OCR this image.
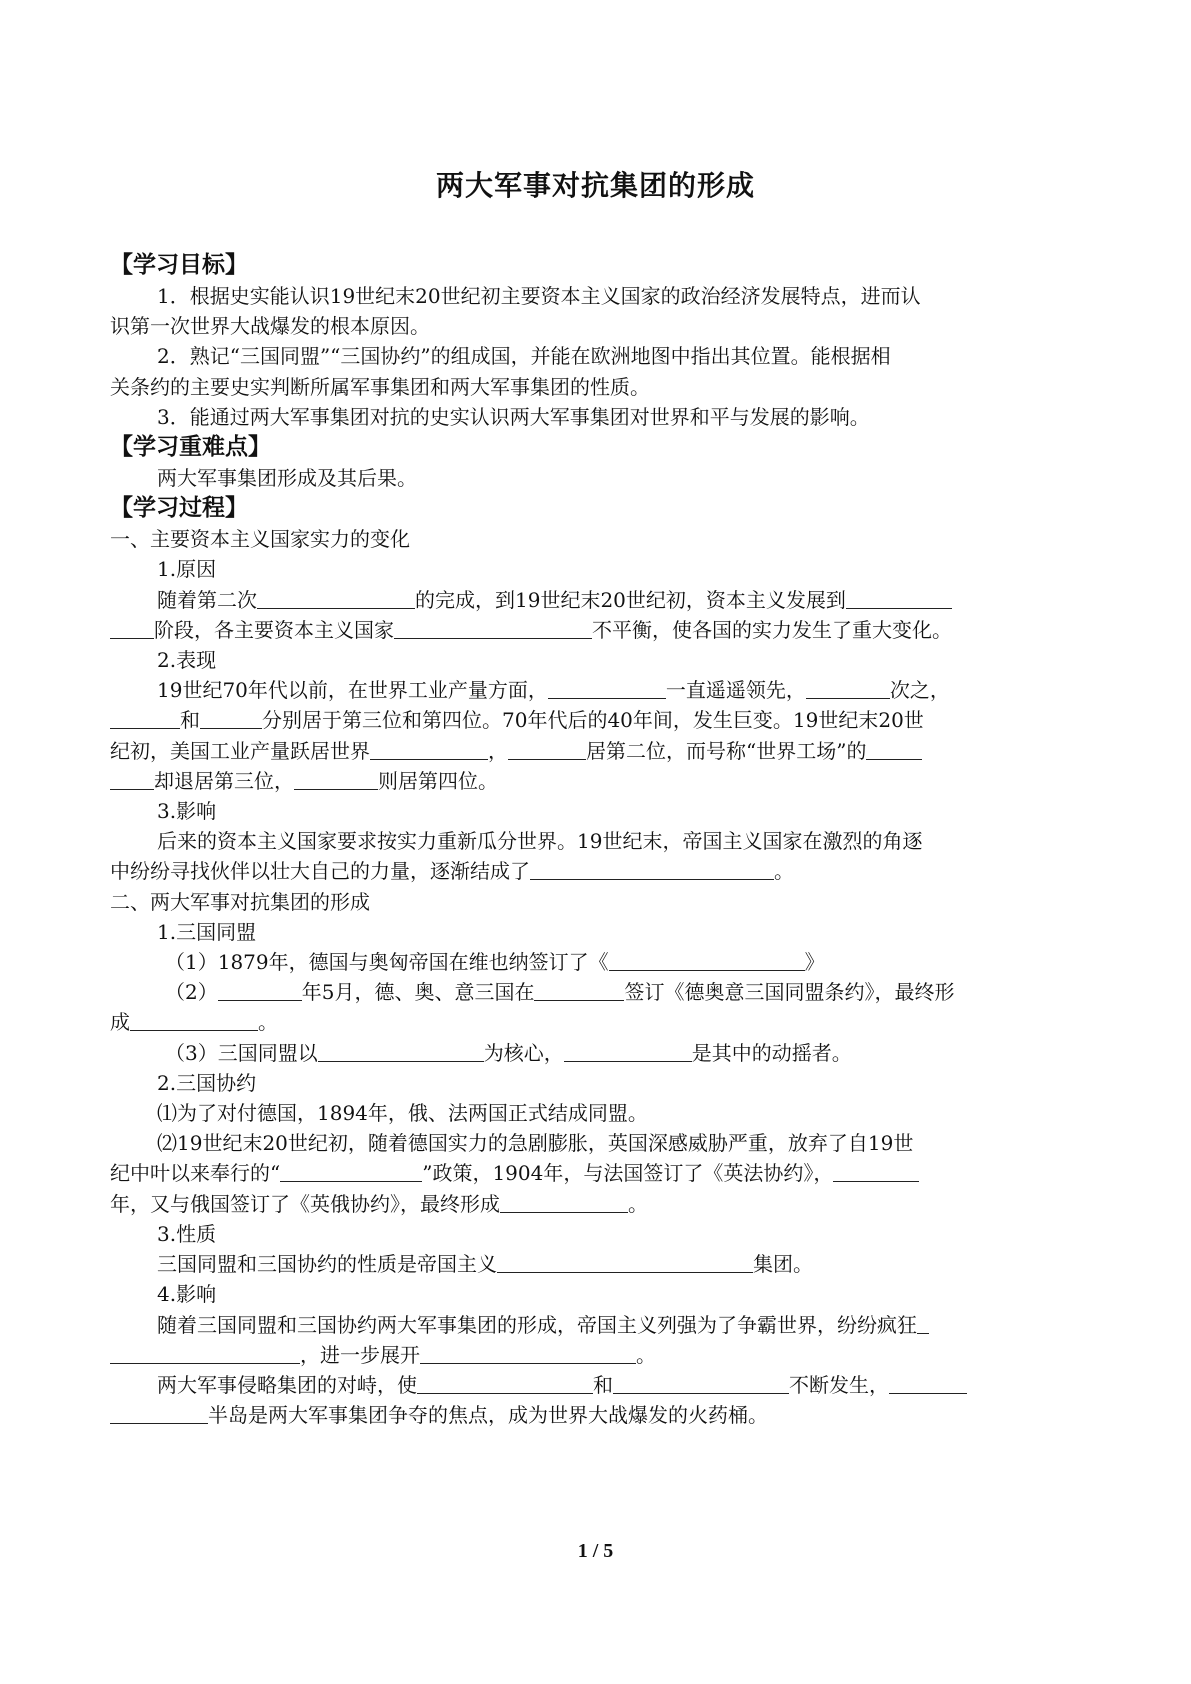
两大军事对抗集团的形成

【学习目标】

1．根据史实能认识19世纪末20世纪初主要资本主义国家的政治经济发展特点，进而认

识第一次世界大战爆发的根本原因。

2．熟记“三国同盟”“三国协约”的组成国，并能在欧洲地图中指出其位置。能根据相

关条约的主要史实判断所属军事集团和两大军事集团的性质。

3．能通过两大军事集团对抗的史实认识两大军事集团对世界和平与发展的影响。

【学习重难点】

两大军事集团形成及其后果。

【学习过程】

一、主要资本主义国家实力的变化

1.原因

随着第二次	的完成，到19世纪末20世纪初，资本主义发展到

阶段，各主要资本主义国家	不平衡，使各国的实力发生了重大变化。

2.表现

19世纪70年代以前，在世界工业产量方面，	一直遥遥领先，	次之，

和	分别居于第三位和第四位。70年代后的40年间，发生巨变。19世纪末20世

纪初，美国工业产量跃居世界	，	居第二位，而号称“世界工场”的

却退居第三位，	则居第四位。

3.影响

后来的资本主义国家要求按实力重新瓜分世界。19世纪末，帝国主义国家在激烈的角逐

中纷纷寻找伙伴以壮大自己的力量，逐渐结成了	。

二、两大军事对抗集团的形成

1.三国同盟

（1）1879年，德国与奥匈帝国在维也纳签订了《	》

（2）	年5月，德、奥、意三国在	签订《德奥意三国同盟条约》，最终形

成	。

（3）三国同盟以	为核心，	是其中的动摇者。

2.三国协约

⑴为了对付德国，1894年，俄、法两国正式结成同盟。

⑵19世纪末20世纪初，随着德国实力的急剧膨胀，英国深感威胁严重，放弃了自19世

纪中叶以来奉行的“	”政策，1904年，与法国签订了《英法协约》，

年，又与俄国签订了《英俄协约》，最终形成	。

3.性质

三国同盟和三国协约的性质是帝国主义	集团。

4.影响

随着三国同盟和三国协约两大军事集团的形成，帝国主义列强为了争霸世界，纷纷疯狂

，进一步展开	。

两大军事侵略集团的对峙，使	和	不断发生，

半岛是两大军事集团争夺的焦点，成为世界大战爆发的火药桶。

1 / 5
